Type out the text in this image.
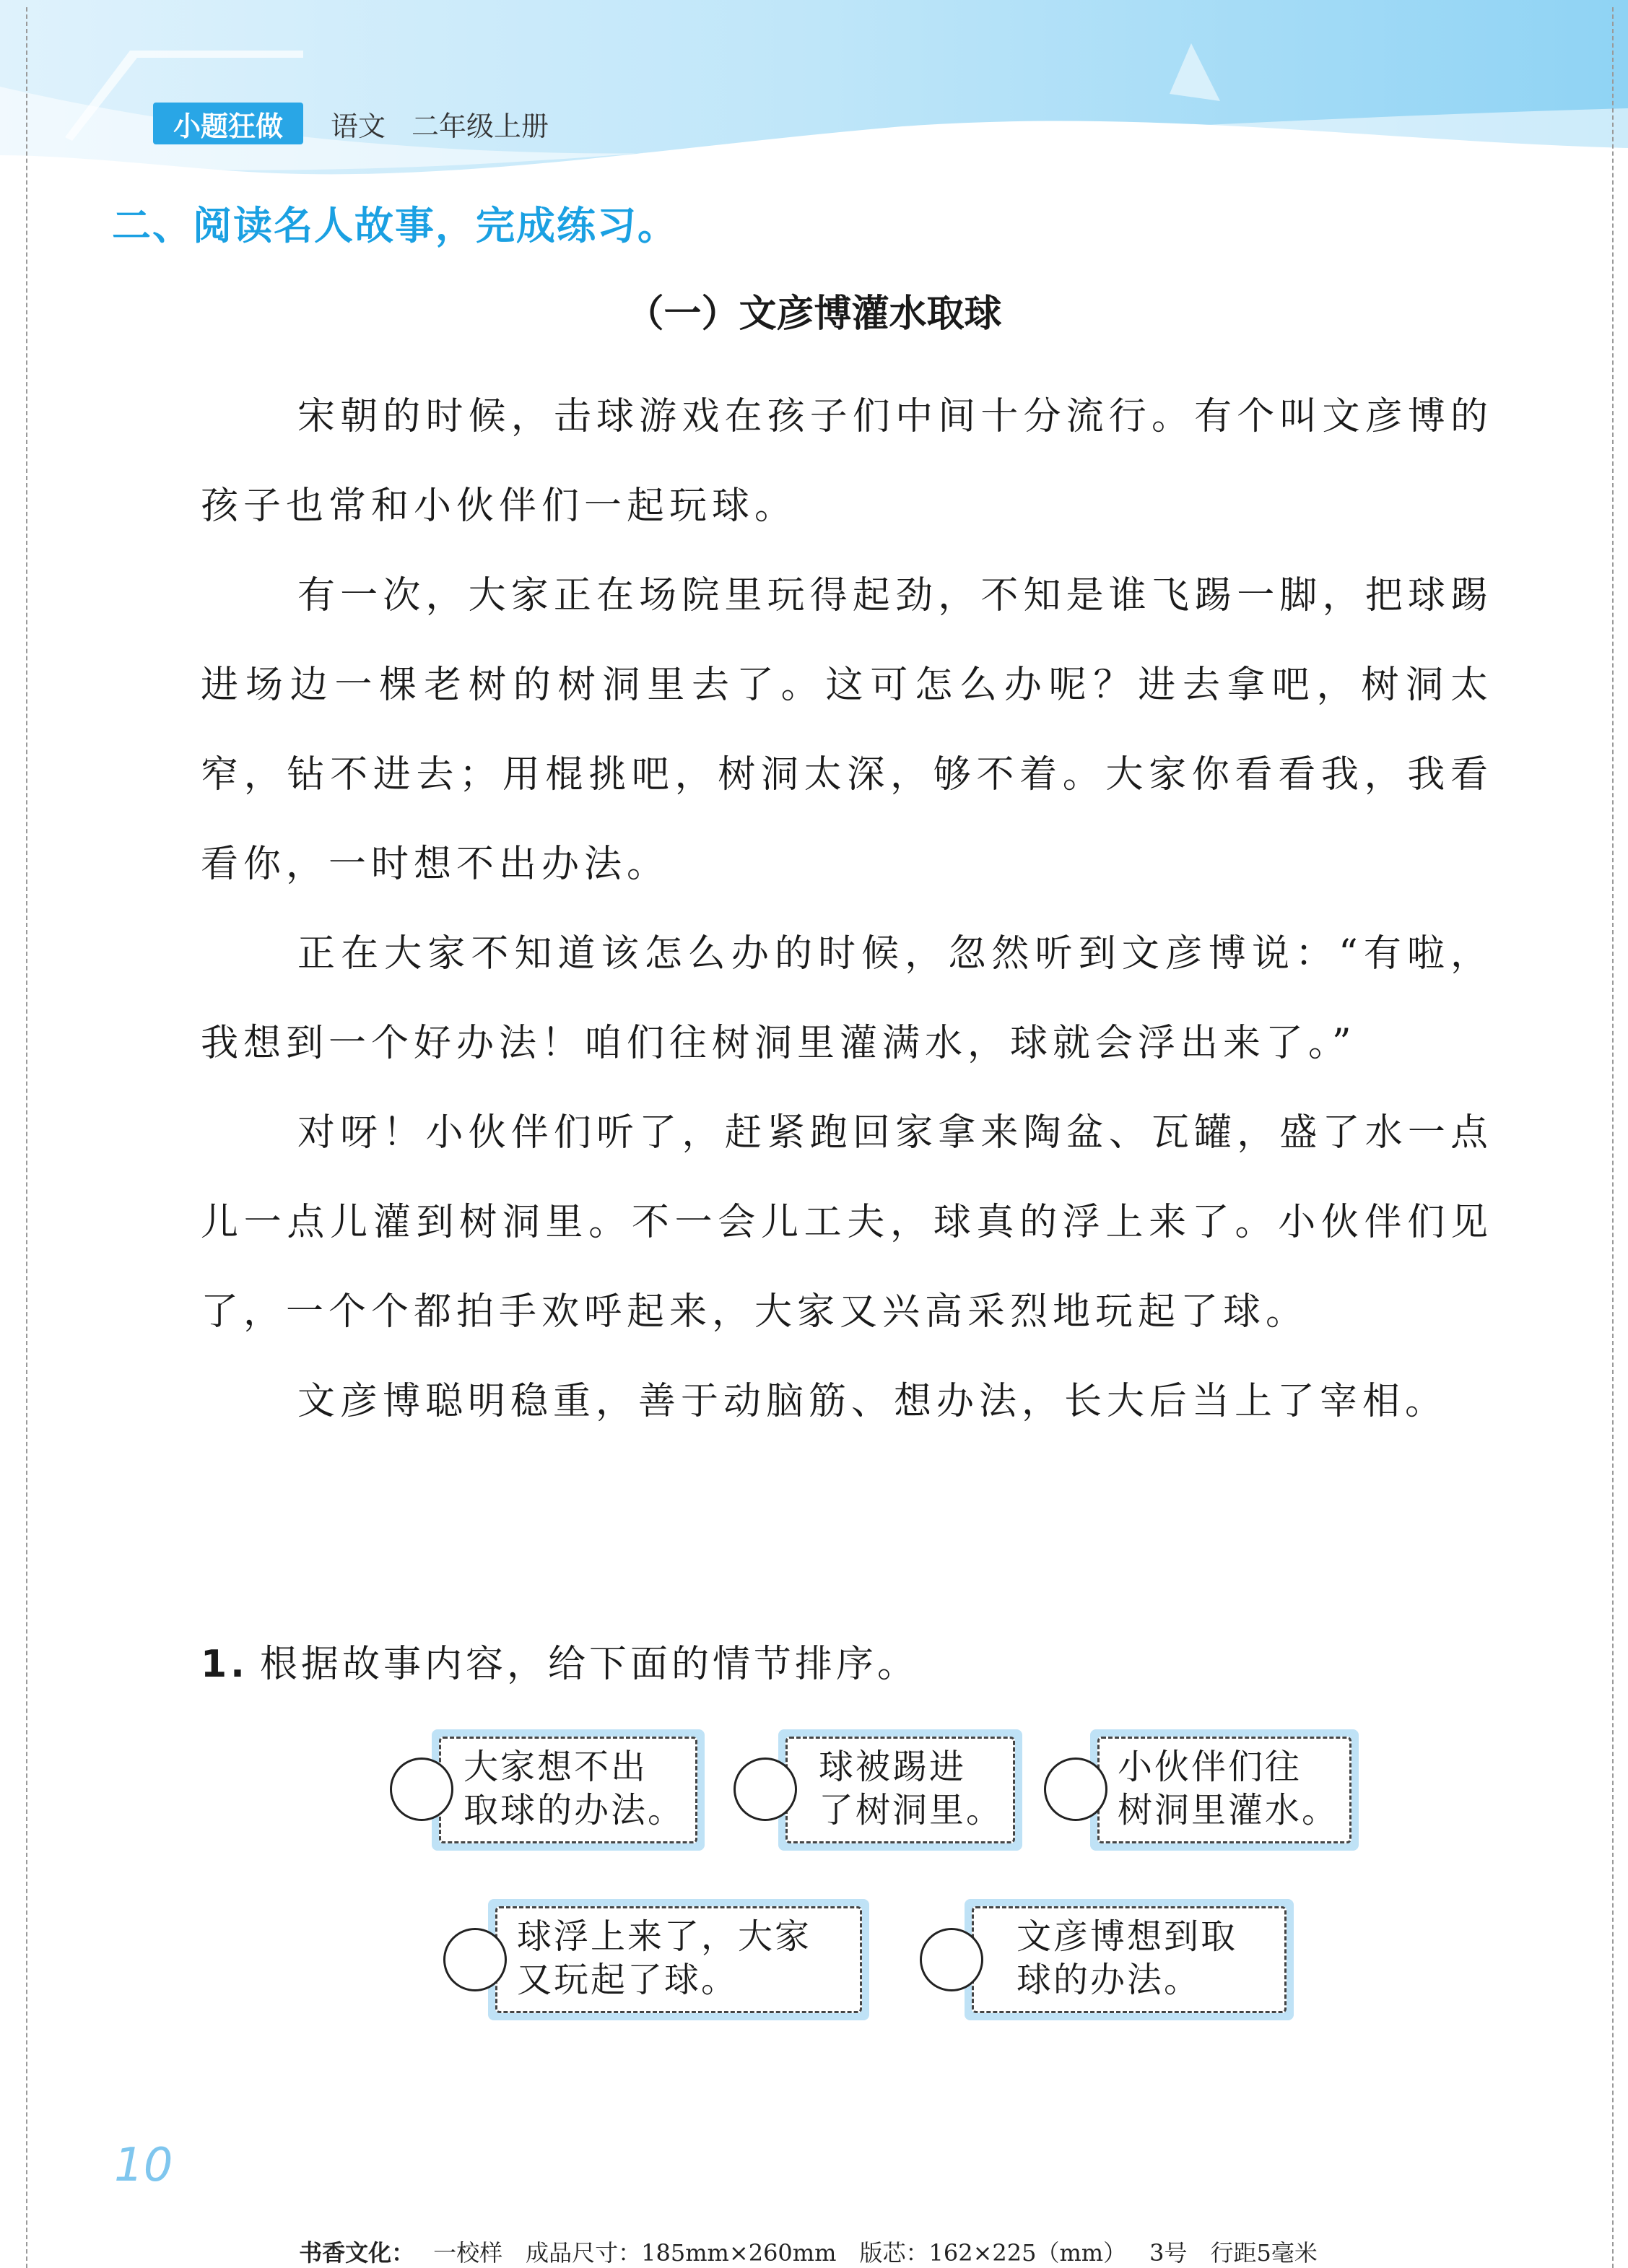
小题狂做	语文 二年级上册
二、阅读名人故事，完成练习。
（一）文彦博灌水取球

宋朝的时候，击球游戏在孩子们中间十分流行。有个叫文彦博的孩子也常和小伙伴们一起玩球。

有一次，大家正在场院里玩得起劲，不知是谁飞踢一脚，把球踢进场边一棵老树的树洞里去了。这可怎么办呢？进去拿吧，树洞太窄，钻不进去；用棍挑吧，树洞太深，够不着。大家你看看我，我看看你，一时想不出办法。

正在大家不知道该怎么办的时候，忽然听到文彦博说：“有啦，我想到一个好办法！咱们往树洞里灌满水，球就会浮出来了。”

对呀！小伙伴们听了，赶紧跑回家拿来陶盆、瓦罐，盛了水一点儿一点儿灌到树洞里。不一会儿工夫，球真的浮上来了。小伙伴们见了，一个个都拍手欢呼起来，大家又兴高采烈地玩起了球。

文彦博聪明稳重，善于动脑筋、想办法，长大后当上了宰相。

1. 根据故事内容，给下面的情节排序。
大家想不出
取球的办法。
球被踢进
了树洞里。
小伙伴们往
树洞里灌水。
球浮上来了，大家
又玩起了球。
文彦博想到取
球的办法。
10
书香文化： 一校样 成品尺寸：185mm×260mm 版芯：162×225（mm） 3号 行距5毫米
